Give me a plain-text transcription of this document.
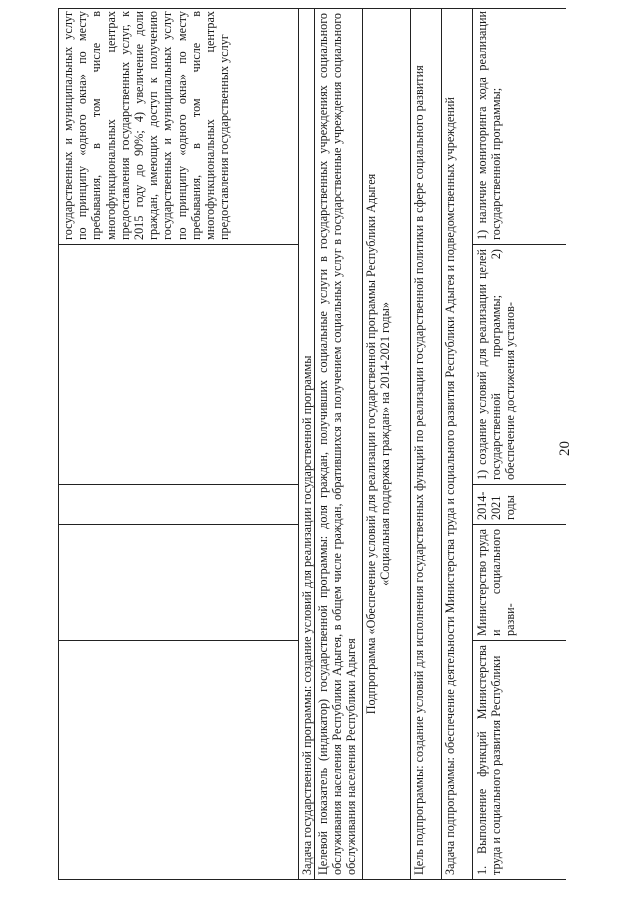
20
государственных и муниципальных услуг по принципу «одного окна» по месту пребывания, в том числе в многофункциональных центрах предоставления государственных услуг, к 2015 году до 90%; 4) увеличение доли граждан, имеющих доступ к получению государственных и муниципальных услуг по принципу «одного окна» по месту пребывания, в том числе в многофункциональных центрах предоставления государственных услуг
Задача государственной программы: создание условий для реализации государственной программы Целевой показатель (индикатор) государственной программы: доля граждан, получивших социальные услуги в государственных учреждениях социального обслуживания населения Республики Адыгея, в общем числе граждан, обратившихся за получением социальных услуг в государственные учреждения социального обслуживания населения Республики Адыгея
Подпрограмма «Обеспечение условий для реализации государственной программы Республики Адыгея «Социальная поддержка граждан» на 2014-2021 годы» Цель подпрограммы: создание условий для исполнения государственных функций по реализации государственной политики в сфере социального развития	Задача подпрограммы: обеспечение деятельности Министерства труда и социального развития Республики Адыгея и подведомственных учреждений	1. Выполнение функций Министерства труда и социального развития Республики
Министерство труда и социального разви-
2014-2021 годы
1) создание условий для реализации целей государственной программы; 2) обеспечение достижения установ-
1) наличие мониторинга хода реализации государственной программы;
